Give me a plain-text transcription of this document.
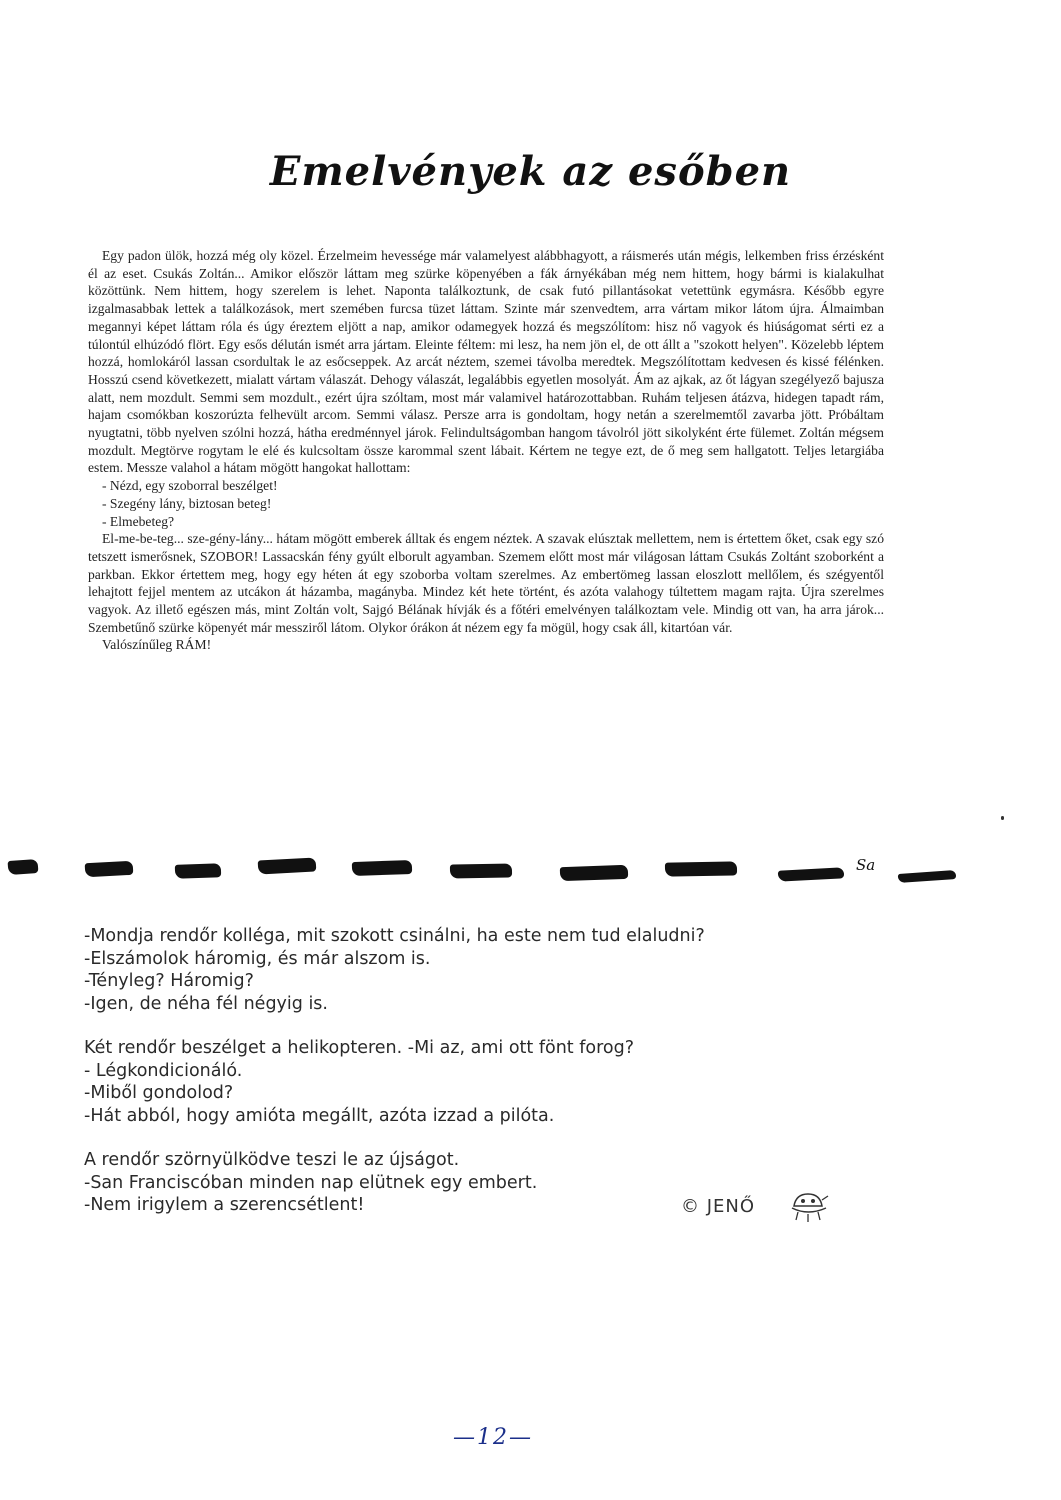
Emelvények az esőben

Egy padon ülök, hozzá még oly közel. Érzelmeim hevessége már valamelyest alábbhagyott, a ráismerés után mégis, lelkemben friss érzésként él az eset. Csukás Zoltán... Amikor először láttam meg szürke köpenyében a fák árnyékában még nem hittem, hogy bármi is kialakulhat közöttünk. Nem hittem, hogy szerelem is lehet. Naponta találkoztunk, de csak futó pillantásokat vetettünk egymásra. Később egyre izgalmasabbak lettek a találkozások, mert szemében furcsa tüzet láttam. Szinte már szenvedtem, arra vártam mikor látom újra. Álmaimban megannyi képet láttam róla és úgy éreztem eljött a nap, amikor odamegyek hozzá és megszólítom: hisz nő vagyok és hiúságomat sérti ez a túlontúl elhúzódó flört. Egy esős délután ismét arra jártam. Eleinte féltem: mi lesz, ha nem jön el, de ott állt a "szokott helyen". Közelebb léptem hozzá, homlokáról lassan csordultak le az esőcseppek. Az arcát néztem, szemei távolba meredtek. Megszólítottam kedvesen és kissé félénken. Hosszú csend következett, mialatt vártam válaszát. Dehogy válaszát, legalábbis egyetlen mosolyát. Ám az ajkak, az őt lágyan szegélyező bajusza alatt, nem mozdult. Semmi sem mozdult., ezért újra szóltam, most már valamivel határozottabban. Ruhám teljesen átázva, hidegen tapadt rám, hajam csomókban koszorúzta felhevült arcom. Semmi válasz. Persze arra is gondoltam, hogy netán a szerelmemtől zavarba jött. Próbáltam nyugtatni, több nyelven szólni hozzá, hátha eredménnyel járok. Felindultságomban hangom távolról jött sikolyként érte fülemet. Zoltán mégsem mozdult. Megtörve rogytam le elé és kulcsoltam össze karommal szent lábait. Kértem ne tegye ezt, de ő meg sem hallgatott. Teljes letargiába estem. Messze valahol a hátam mögött hangokat hallottam:

- Nézd, egy szoborral beszélget!
- Szegény lány, biztosan beteg!
- Elmebeteg?

El-me-be-teg... sze-gény-lány... hátam mögött emberek álltak és engem néztek. A szavak elúsztak mellettem, nem is értettem őket, csak egy szó tetszett ismerősnek, SZOBOR! Lassacskán fény gyúlt elborult agyamban. Szemem előtt most már világosan láttam Csukás Zoltánt szoborként a parkban. Ekkor értettem meg, hogy egy héten át egy szoborba voltam szerelmes. Az embertömeg lassan eloszlott mellőlem, és szégyentől lehajtott fejjel mentem az utcákon át házamba, magányba. Mindez két hete történt, és azóta valahogy túltettem magam rajta. Újra szerelmes vagyok. Az illető egészen más, mint Zoltán volt, Sajgó Bélának hívják és a főtéri emelvényen találkoztam vele. Mindig ott van, ha arra járok... Szembetűnő szürke köpenyét már messziről látom. Olykor órákon át nézem egy fa mögül, hogy csak áll, kitartóan vár.

Valószínűleg RÁM!

Sa
-Mondja rendőr kolléga, mit szokott csinálni, ha este nem tud elaludni?
-Elszámolok háromig, és már alszom is.
-Tényleg? Háromig?
-Igen, de néha fél négyig is.
Két rendőr beszélget a helikopteren. -Mi az, ami ott fönt forog?
- Légkondicionáló.
-Miből gondolod?
-Hát abból, hogy amióta megállt, azóta izzad a pilóta.
A rendőr szörnyülködve teszi le az újságot.
-San Franciscóban minden nap elütnek egy embert.
-Nem irigylem a szerencsétlent!	© JENŐ
—12—
